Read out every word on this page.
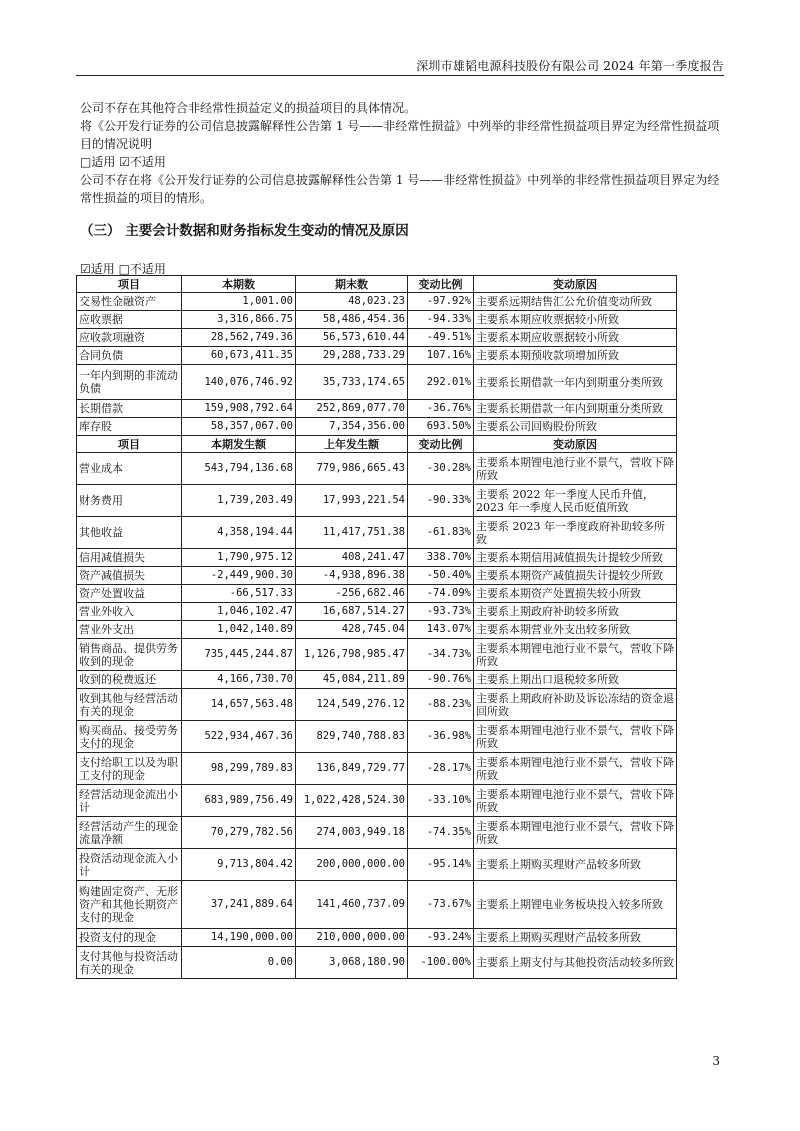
深圳市雄韬电源科技股份有限公司 2024 年第一季度报告

公司不存在其他符合非经常性损益定义的损益项目的具体情况。

将《公开发行证券的公司信息披露解释性公告第 1 号——非经常性损益》中列举的非经常性损益项目界定为经常性损益项目的情况说明

□适用 ☑不适用

公司不存在将《公开发行证券的公司信息披露解释性公告第 1 号——非经常性损益》中列举的非经常性损益项目界定为经常性损益的项目的情形。

（三） 主要会计数据和财务指标发生变动的情况及原因
☑适用 □不适用
项目	本期数	期末数	变动比例	变动原因
交易性金融资产	1,001.00	48,023.23	-97.92%	主要系远期结售汇公允价值变动所致
应收票据	3,316,866.75	58,486,454.36	-94.33%	主要系本期应收票据较小所致
应收款项融资	28,562,749.36	56,573,610.44	-49.51%	主要系本期应收票据较小所致
合同负债	60,673,411.35	29,288,733.29	107.16%	主要系本期预收款项增加所致
一年内到期的非流动负债	140,076,746.92	35,733,174.65	292.01%	主要系长期借款一年内到期重分类所致
长期借款	159,908,792.64	252,869,077.70	-36.76%	主要系长期借款一年内到期重分类所致
库存股	58,357,067.00	7,354,356.00	693.50%	主要系公司回购股份所致
项目	本期发生额	上年发生额	变动比例	变动原因
营业成本	543,794,136.68	779,986,665.43	-30.28%	主要系本期锂电池行业不景气，营收下降所致
财务费用	1,739,203.49	17,993,221.54	-90.33%	主要系 2022 年一季度人民币升值，2023 年一季度人民币贬值所致
其他收益	4,358,194.44	11,417,751.38	-61.83%	主要系 2023 年一季度政府补助较多所致
信用减值损失	1,790,975.12	408,241.47	338.70%	主要系本期信用减值损失计提较少所致
资产减值损失	-2,449,900.30	-4,938,896.38	-50.40%	主要系本期资产减值损失计提较少所致
资产处置收益	-66,517.33	-256,682.46	-74.09%	主要系本期资产处置损失较小所致
营业外收入	1,046,102.47	16,687,514.27	-93.73%	主要系上期政府补助较多所致
营业外支出	1,042,140.89	428,745.04	143.07%	主要系本期营业外支出较多所致
销售商品、提供劳务收到的现金	735,445,244.87	1,126,798,985.47	-34.73%	主要系本期锂电池行业不景气，营收下降所致
收到的税费返还	4,166,730.70	45,084,211.89	-90.76%	主要系上期出口退税较多所致
收到其他与经营活动有关的现金	14,657,563.48	124,549,276.12	-88.23%	主要系上期政府补助及诉讼冻结的资金退回所致
购买商品、接受劳务支付的现金	522,934,467.36	829,740,788.83	-36.98%	主要系本期锂电池行业不景气，营收下降所致
支付给职工以及为职工支付的现金	98,299,789.83	136,849,729.77	-28.17%	主要系本期锂电池行业不景气，营收下降所致
经营活动现金流出小计	683,989,756.49	1,022,428,524.30	-33.10%	主要系本期锂电池行业不景气，营收下降所致
经营活动产生的现金流量净额	70,279,782.56	274,003,949.18	-74.35%	主要系本期锂电池行业不景气，营收下降所致
投资活动现金流入小计	9,713,804.42	200,000,000.00	-95.14%	主要系上期购买理财产品较多所致
购建固定资产、无形资产和其他长期资产支付的现金	37,241,889.64	141,460,737.09	-73.67%	主要系上期锂电业务板块投入较多所致
投资支付的现金	14,190,000.00	210,000,000.00	-93.24%	主要系上期购买理财产品较多所致
支付其他与投资活动有关的现金	0.00	3,068,180.90	-100.00%	主要系上期支付与其他投资活动较多所致
3
